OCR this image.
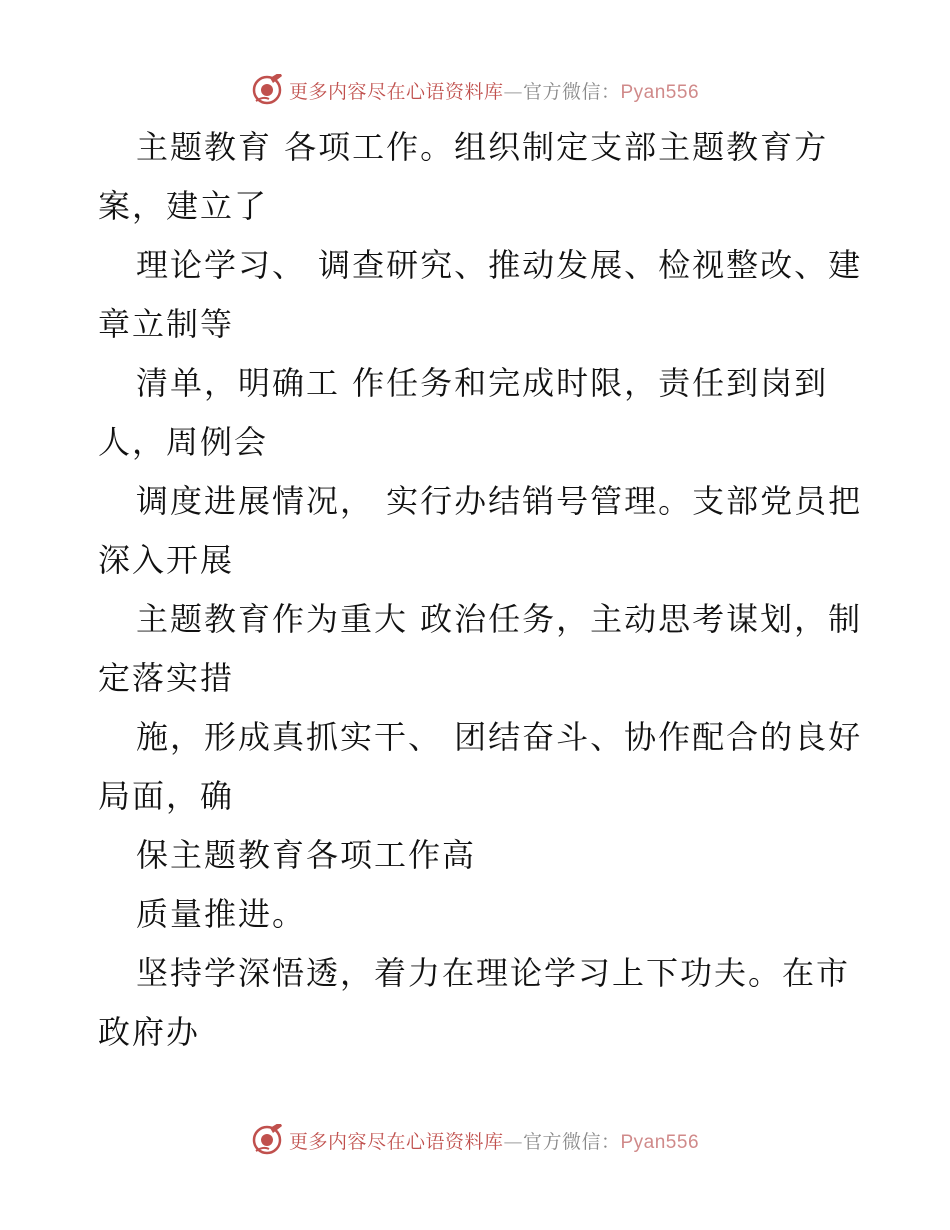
更多内容尽在心语资料库—官方微信：Pyan556

主题教育 各项工作。组织制定支部主题教育方案，建立了

理论学习、 调查研究、推动发展、检视整改、建章立制等

清单，明确工 作任务和完成时限，责任到岗到人，周例会

调度进展情况， 实行办结销号管理。支部党员把深入开展

主题教育作为重大 政治任务，主动思考谋划，制定落实措

施，形成真抓实干、 团结奋斗、协作配合的良好局面，确

保主题教育各项工作高

质量推进。

坚持学深悟透，着力在理论学习上下功夫。在市政府办

更多内容尽在心语资料库—官方微信：Pyan556
